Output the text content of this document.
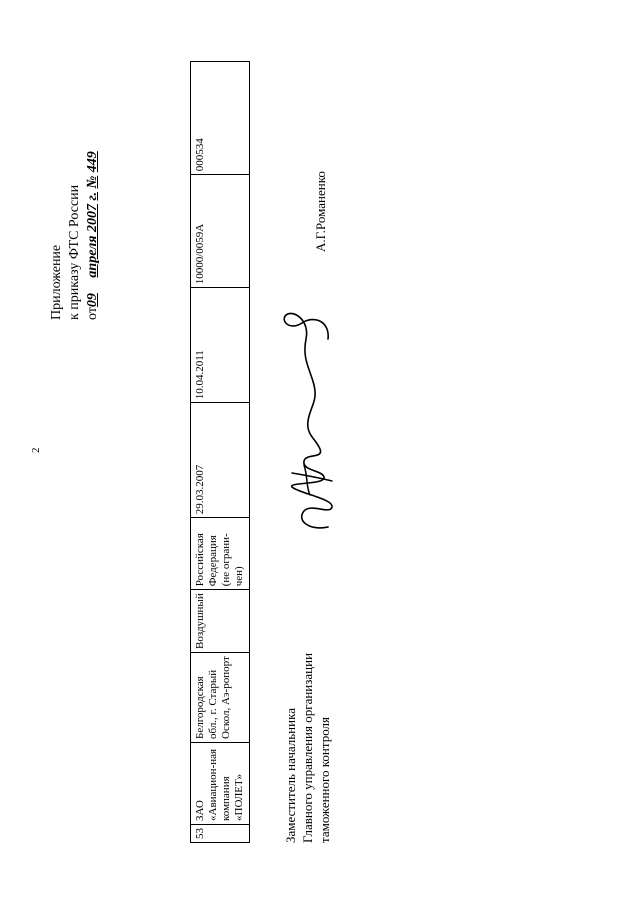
2
Приложение к приказу ФТС России от09 апреля 2007 г. № 449
53	ЗАО «Авиацион-ная компания «ПОЛЕТ»	Белгородская обл., г. Старый Оскол, Аэ-ропорт	Воздушный	Российская Федерация (не ограни-чен)	29.03.2007	10.04.2011	10000/0059А	000534
Заместитель начальника Главного управления организации таможенного контроля
А.Г.Романенко
